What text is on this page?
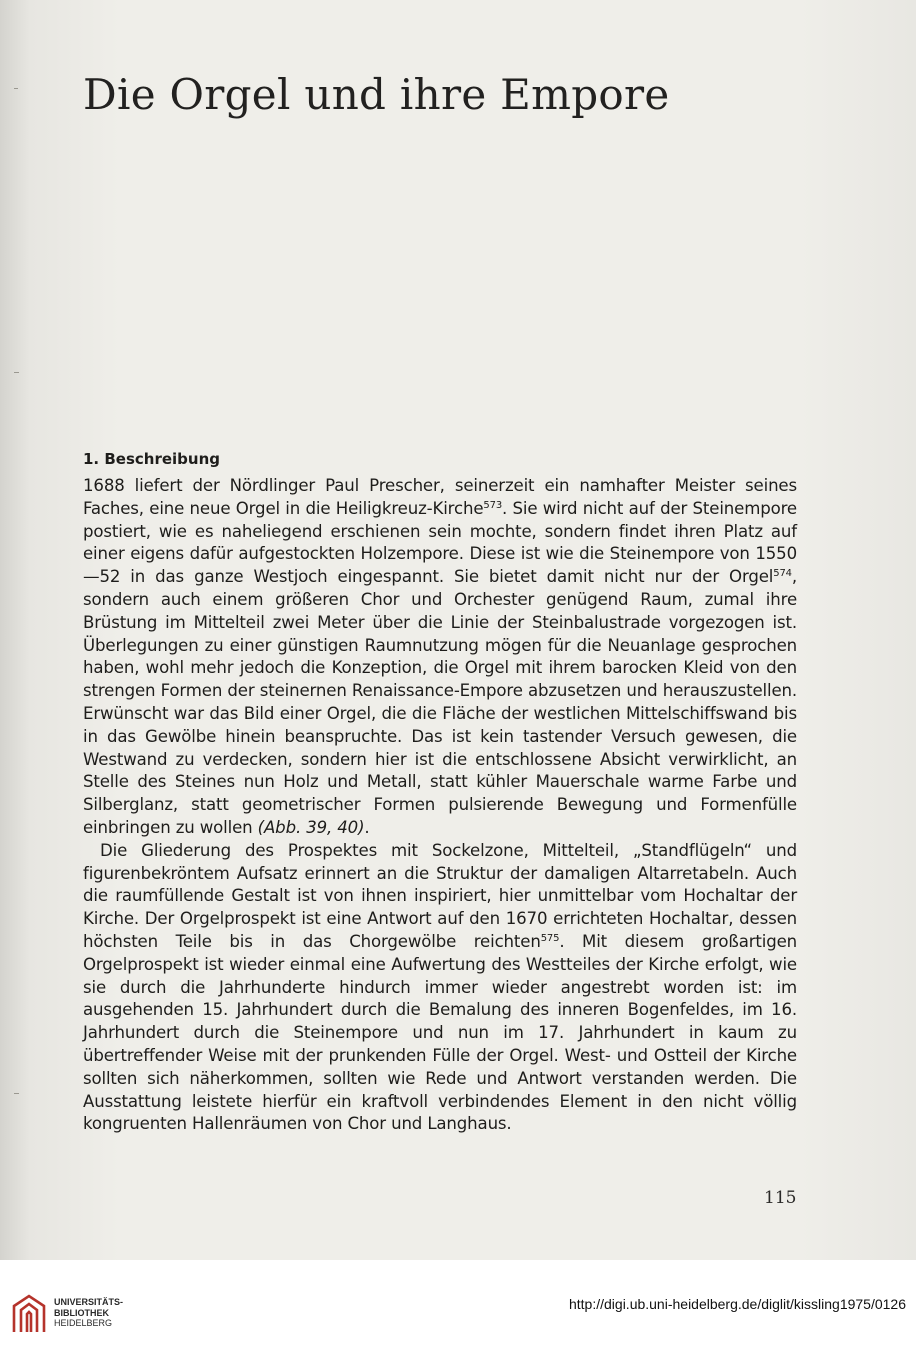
Die Orgel und ihre Empore
1. Beschreibung

1688 liefert der Nördlinger Paul Prescher, seinerzeit ein namhafter Meister seines Faches, eine neue Orgel in die Heiligkreuz-Kirche$^{573}$. Sie wird nicht auf der Steinempore postiert, wie es naheliegend erschienen sein mochte, sondern findet ihren Platz auf einer eigens dafür aufgestockten Holzempore. Diese ist wie die Steinempore von 1550—52 in das ganze Westjoch eingespannt. Sie bietet damit nicht nur der Orgel$^{574}$, sondern auch einem größeren Chor und Orchester genügend Raum, zumal ihre Brüstung im Mittelteil zwei Meter über die Linie der Steinbalustrade vorgezogen ist. Überlegungen zu einer günstigen Raumnutzung mögen für die Neuanlage gesprochen haben, wohl mehr jedoch die Konzeption, die Orgel mit ihrem barocken Kleid von den strengen Formen der steinernen Renaissance-Empore abzusetzen und herauszustellen. Erwünscht war das Bild einer Orgel, die die Fläche der westlichen Mittelschiffswand bis in das Gewölbe hinein beanspruchte. Das ist kein tastender Versuch gewesen, die Westwand zu verdecken, sondern hier ist die entschlossene Absicht verwirklicht, an Stelle des Steines nun Holz und Metall, statt kühler Mauerschale warme Farbe und Silberglanz, statt geometrischer Formen pulsierende Bewegung und Formenfülle einbringen zu wollen (Abb. 39, 40).

Die Gliederung des Prospektes mit Sockelzone, Mittelteil, „Standflügeln“ und figurenbekröntem Aufsatz erinnert an die Struktur der damaligen Altarretabeln. Auch die raumfüllende Gestalt ist von ihnen inspiriert, hier unmittelbar vom Hochaltar der Kirche. Der Orgelprospekt ist eine Antwort auf den 1670 errichteten Hochaltar, dessen höchsten Teile bis in das Chorgewölbe reichten$^{575}$. Mit diesem großartigen Orgelprospekt ist wieder einmal eine Aufwertung des Westteiles der Kirche erfolgt, wie sie durch die Jahrhunderte hindurch immer wieder angestrebt worden ist: im ausgehenden 15. Jahrhundert durch die Bemalung des inneren Bogenfeldes, im 16. Jahrhundert durch die Steinempore und nun im 17. Jahrhundert in kaum zu übertreffender Weise mit der prunkenden Fülle der Orgel. West- und Ostteil der Kirche sollten sich näherkommen, sollten wie Rede und Antwort verstanden werden. Die Ausstattung leistete hierfür ein kraftvoll verbindendes Element in den nicht völlig kongruenten Hallenräumen von Chor und Langhaus.

115
UNIVERSITÄTS-
BIBLIOTHEK
HEIDELBERG
http://digi.ub.uni-heidelberg.de/diglit/kissling1975/0126
